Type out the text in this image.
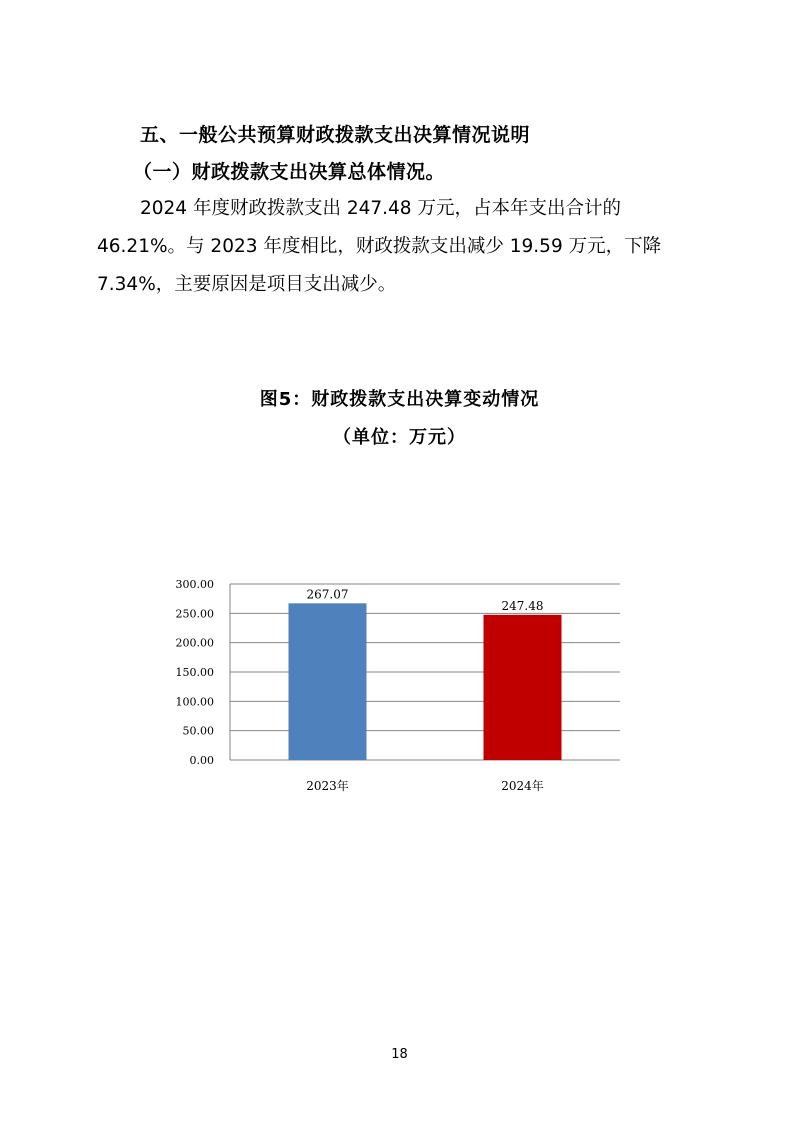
五、一般公共预算财政拨款支出决算情况说明
（一）财政拨款支出决算总体情况。

2024 年度财政拨款支出 247.48 万元，占本年支出合计的

46.21%。与 2023 年度相比，财政拨款支出减少 19.59 万元，下降

7.34%，主要原因是项目支出减少。

图5：财政拨款支出决算变动情况
（单位：万元）
0.00
50.00
100.00
150.00
200.00
250.00
300.00
267.07
2023年
247.48
2024年
18
